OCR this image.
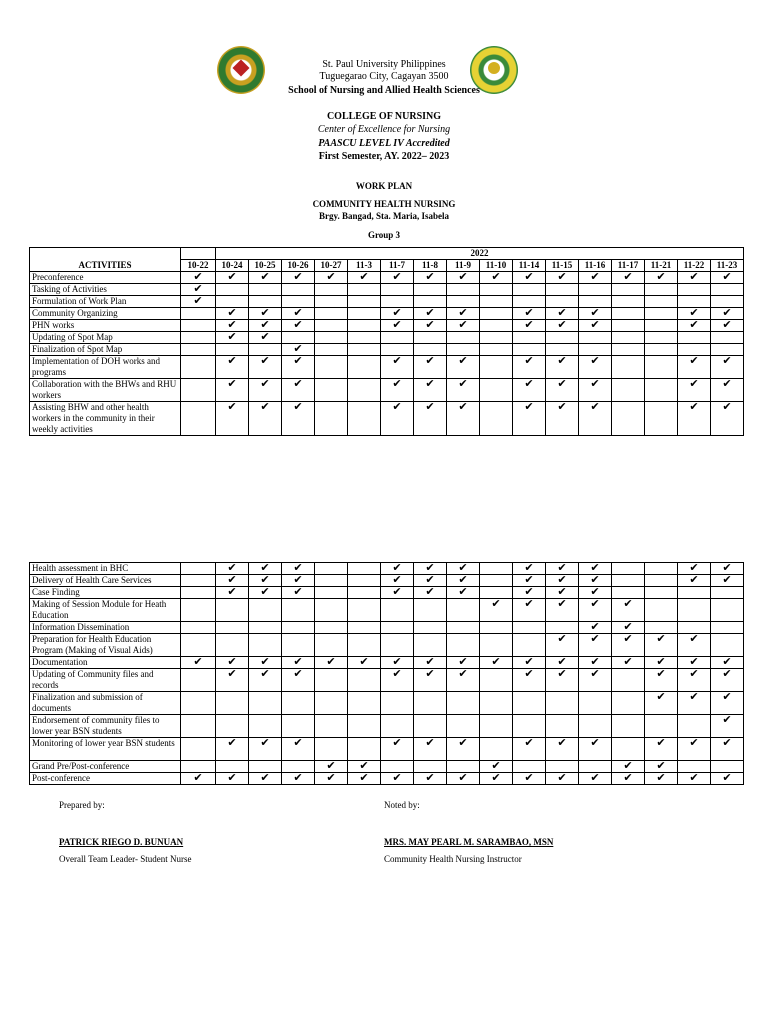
St. Paul University Philippines
Tuguegarao City, Cagayan 3500
School of Nursing and Allied Health Sciences
COLLEGE OF NURSING
Center of Excellence for Nursing
PAASCU LEVEL IV Accredited
First Semester, AY. 2022– 2023
WORK PLAN
COMMUNITY HEALTH NURSING
Brgy. Bangad, Sta. Maria, Isabela
Group 3
ACTIVITIES		2022															
	10-22	10-24	10-25	10-26	10-27	11-3	11-7	11-8	11-9	11-10	11-14	11-15	11-16	11-17	11-21	11-22	11-23
Preconference	✔	✔	✔	✔	✔	✔	✔	✔	✔	✔	✔	✔	✔	✔	✔	✔	✔
Tasking of Activities	✔																
Formulation of Work Plan	✔																
Community Organizing		✔	✔	✔			✔	✔	✔		✔	✔	✔			✔	✔
PHN works		✔	✔	✔			✔	✔	✔		✔	✔	✔			✔	✔
Updating of Spot Map		✔	✔														
Finalization of Spot Map				✔													
Implementation of DOH works and programs		✔	✔	✔			✔	✔	✔		✔	✔	✔			✔	✔
Collaboration with the BHWs and RHU workers		✔	✔	✔			✔	✔	✔		✔	✔	✔			✔	✔
Assisting BHW and other health workers in the community in their weekly activities		✔	✔	✔			✔	✔	✔		✔	✔	✔			✔	✔
Health assessment in BHC		✔	✔	✔			✔	✔	✔		✔	✔	✔			✔	✔
Delivery of Health Care Services		✔	✔	✔			✔	✔	✔		✔	✔	✔			✔	✔
Case Finding		✔	✔	✔			✔	✔	✔		✔	✔	✔				
Making of Session Module for Heath Education										✔	✔	✔	✔	✔			
Information Dissemination													✔	✔			
Preparation for Health Education Program (Making of Visual Aids)												✔	✔	✔	✔	✔	
Documentation	✔	✔	✔	✔	✔	✔	✔	✔	✔	✔	✔	✔	✔	✔	✔	✔	✔
Updating of Community files and records		✔	✔	✔			✔	✔	✔		✔	✔	✔		✔	✔	✔
Finalization and submission of documents															✔	✔	✔
Endorsement of community files to lower year BSN students																	✔
Monitoring of lower year BSN students		✔	✔	✔			✔	✔	✔		✔	✔	✔		✔	✔	✔
Grand Pre/Post-conference					✔	✔				✔				✔	✔		
Post-conference	✔	✔	✔	✔	✔	✔	✔	✔	✔	✔	✔	✔	✔	✔	✔	✔	✔
Prepared by:	Noted by:
PATRICK RIEGO D. BUNUAN	MRS. MAY PEARL M. SARAMBAO, MSN
Overall Team Leader- Student Nurse	Community Health Nursing Instructor
